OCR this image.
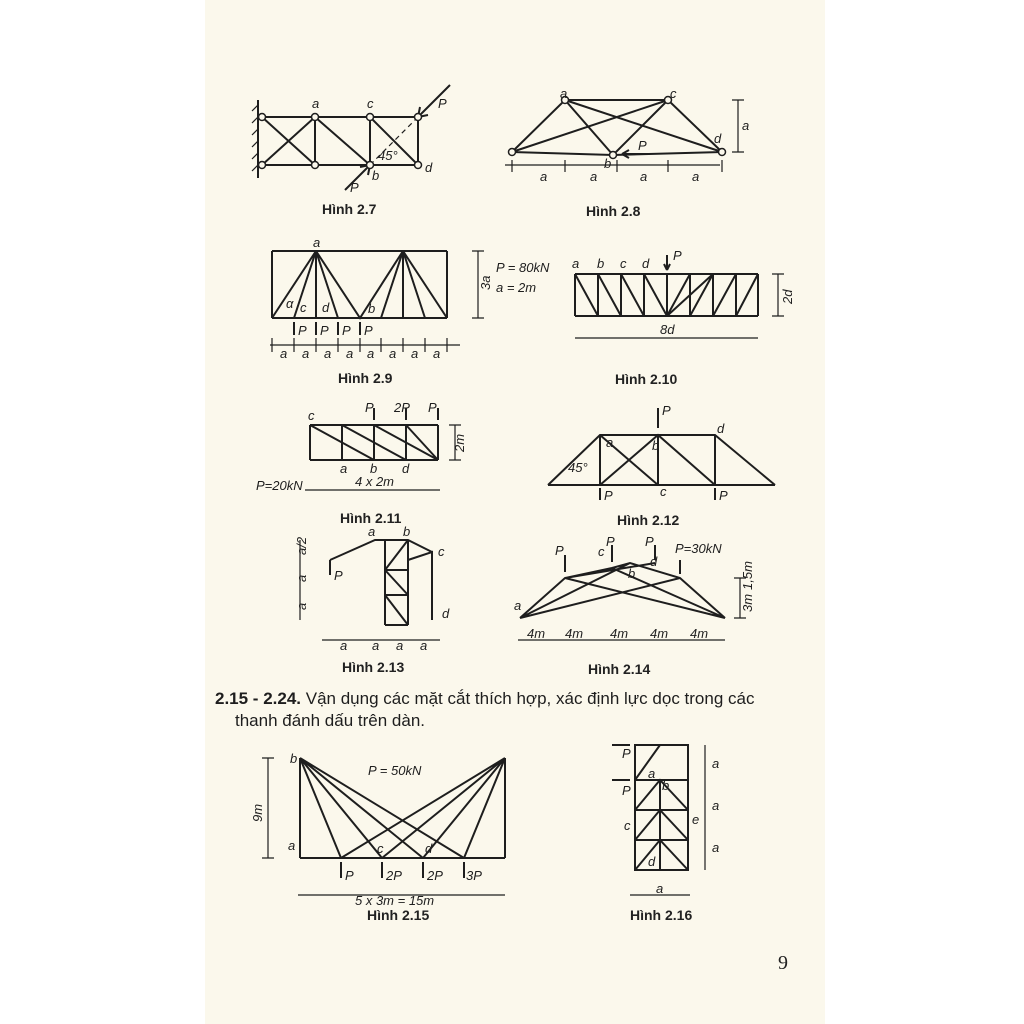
a	c
b
d
P
P
45°
Hình 2.7
a	c
b
d
P
a	a	a	a
a
Hình 2.8
a
b
c d
α
P P P P
3a
P = 80kN
a = 2m
a a a a a a a a
Hình 2.9
a b c d
P
2d
8d
Hình 2.10
c
a b d
P 2P P
2m
P=20kN	4 x 2m
Hình 2.11
a	b
c
d
P
P	P
45°
Hình 2.12
a b
c
d
P
a/2
a
a
a a a a
Hình 2.13
a
c
d
b
P
P P P=30kN
1,5m
3m
4m 4m 4m 4m 4m
Hình 2.14
b
a	c	d
P 2P 2P 3P
P = 50kN
9m
5 x 3m = 15m
Hình 2.15
P
P
a
b
c
d
e
a
a
a
a
Hình 2.16
2.15 - 2.24. Vận dụng các mặt cắt thích hợp, xác định lực dọc trong các
thanh đánh dấu trên dàn.
9
